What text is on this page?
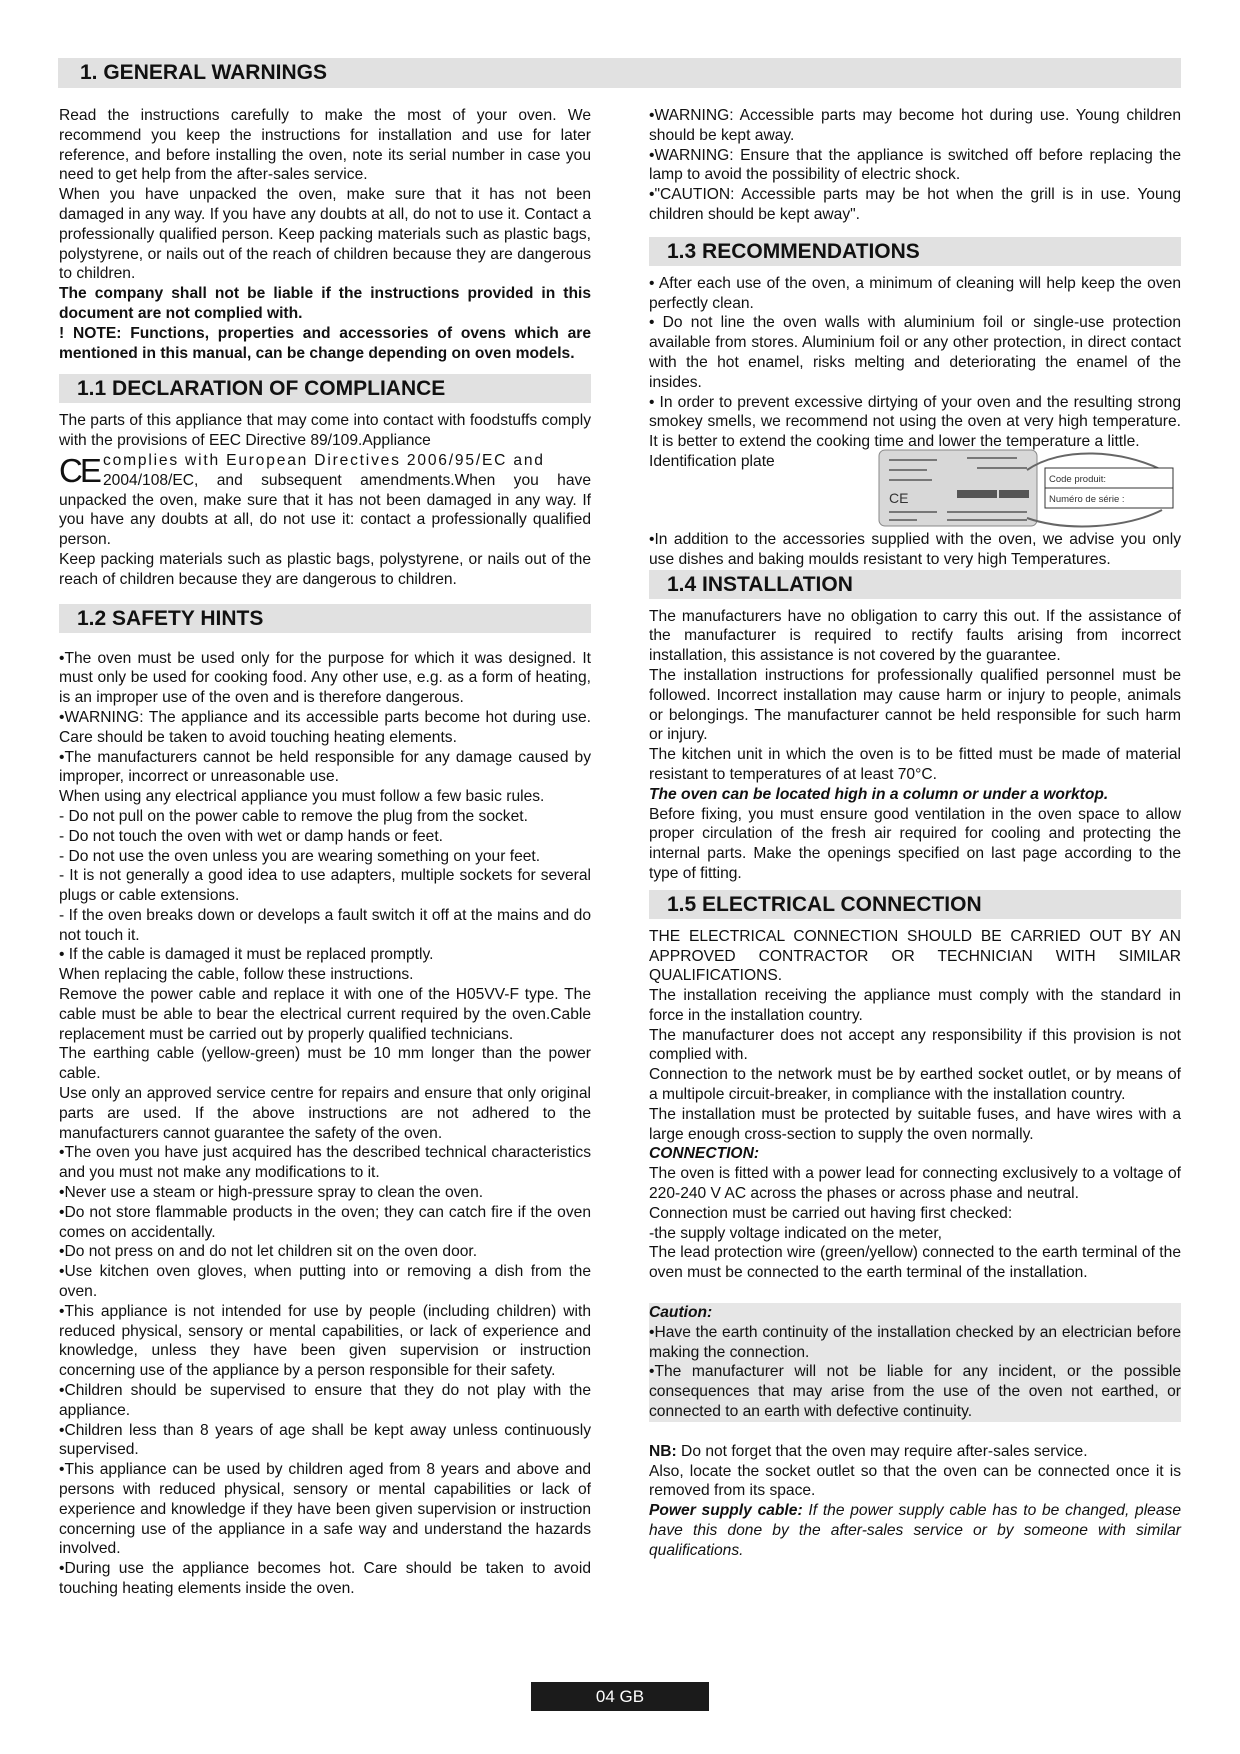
1. GENERAL WARNINGS

Read the instructions carefully to make the most of your oven. We recommend you keep the instructions for installation and use for later reference, and before installing the oven, note its serial number in case you need to get help from the after-sales service.

When you have unpacked the oven, make sure that it has not been damaged in any way. If you have any doubts at all, do not to use it. Contact a professionally qualified person. Keep packing materials such as plastic bags, polystyrene, or nails out of the reach of children because they are dangerous to children.

The company shall not be liable if the instructions provided in this document are not complied with.

! NOTE: Functions, properties and accessories of ovens which are mentioned in this manual, can be change depending on oven models.

1.1 DECLARATION OF COMPLIANCE

The parts of this appliance that may come into contact with foodstuffs comply with the provisions of EEC Directive 89/109.Appliance

CE complies with European Directives 2006/95/EC and
2004/108/EC, and subsequent amendments.When you have unpacked the oven, make sure that it has not been damaged in any way. If you have any doubts at all, do not use it: contact a professionally qualified person.

Keep packing materials such as plastic bags, polystyrene, or nails out of the reach of children because they are dangerous to children.

1.2 SAFETY HINTS

•The oven must be used only for the purpose for which it was designed. It must only be used for cooking food. Any other use, e.g. as a form of heating, is an improper use of the oven and is therefore dangerous.

•WARNING: The appliance and its accessible parts become hot during use. Care should be taken to avoid touching heating elements.

•The manufacturers cannot be held responsible for any damage caused by improper, incorrect or unreasonable use.

When using any electrical appliance you must follow a few basic rules.

- Do not pull on the power cable to remove the plug from the socket.

- Do not touch the oven with wet or damp hands or feet.

- Do not use the oven unless you are wearing something on your feet.

- It is not generally a good idea to use adapters, multiple sockets for several plugs or cable extensions.

- If the oven breaks down or develops a fault switch it off at the mains and do not touch it.

• If the cable is damaged it must be replaced promptly.

When replacing the cable, follow these instructions.

Remove the power cable and replace it with one of the H05VV-F type. The cable must be able to bear the electrical current required by the oven.Cable replacement must be carried out by properly qualified technicians.

The earthing cable (yellow-green) must be 10 mm longer than the power cable.

Use only an approved service centre for repairs and ensure that only original parts are used. If the above instructions are not adhered to the manufacturers cannot guarantee the safety of the oven.

•The oven you have just acquired has the described technical characteristics and you must not make any modifications to it.

•Never use a steam or high-pressure spray to clean the oven.

•Do not store flammable products in the oven; they can catch fire if the oven comes on accidentally.

•Do not press on and do not let children sit on the oven door.

•Use kitchen oven gloves, when putting into or removing a dish from the oven.

•This appliance is not intended for use by people (including children) with reduced physical, sensory or mental capabilities, or lack of experience and knowledge, unless they have been given supervision or instruction concerning use of the appliance by a person responsible for their safety.

•Children should be supervised to ensure that they do not play with the appliance.

•Children less than 8 years of age shall be kept away unless continuously supervised.

•This appliance can be used by children aged from 8 years and above and persons with reduced physical, sensory or mental capabilities or lack of experience and knowledge if they have been given supervision or instruction concerning use of the appliance in a safe way and understand the hazards involved.

•During use the appliance becomes hot. Care should be taken to avoid touching heating elements inside the oven.

•WARNING: Accessible parts may become hot during use. Young children should be kept away.

•WARNING: Ensure that the appliance is switched off before replacing the lamp to avoid the possibility of electric shock.

•"CAUTION: Accessible parts may be hot when the grill is in use. Young children should be kept away".

1.3 RECOMMENDATIONS

• After each use of the oven, a minimum of cleaning will help keep the oven perfectly clean.

• Do not line the oven walls with aluminium foil or single-use protection available from stores. Aluminium foil or any other protection, in direct contact with the hot enamel, risks melting and deteriorating the enamel of the insides.

• In order to prevent excessive dirtying of your oven and the resulting strong smokey smells, we recommend not using the oven at very high temperature. It is better to extend the cooking time and lower the temperature a little.

Identification plate
CE
Code produit:
Numéro de série :

•In addition to the accessories supplied with the oven, we advise you only use dishes and baking moulds resistant to very high Temperatures.

1.4 INSTALLATION

The manufacturers have no obligation to carry this out. If the assistance of the manufacturer is required to rectify faults arising from incorrect installation, this assistance is not covered by the guarantee.

The installation instructions for professionally qualified personnel must be followed. Incorrect installation may cause harm or injury to people, animals or belongings. The manufacturer cannot be held responsible for such harm or injury.

The kitchen unit in which the oven is to be fitted must be made of material resistant to temperatures of at least 70°C.

The oven can be located high in a column or under a worktop.

Before fixing, you must ensure good ventilation in the oven space to allow proper circulation of the fresh air required for cooling and protecting the internal parts. Make the openings specified on last page according to the type of fitting.

1.5 ELECTRICAL CONNECTION

THE ELECTRICAL CONNECTION SHOULD BE CARRIED OUT BY AN APPROVED CONTRACTOR OR TECHNICIAN WITH SIMILAR QUALIFICATIONS.

The installation receiving the appliance must comply with the standard in force in the installation country.

The manufacturer does not accept any responsibility if this provision is not complied with.

Connection to the network must be by earthed socket outlet, or by means of a multipole circuit-breaker, in compliance with the installation country.

The installation must be protected by suitable fuses, and have wires with a large enough cross-section to supply the oven normally.

CONNECTION:

The oven is fitted with a power lead for connecting exclusively to a voltage of 220-240 V AC across the phases or across phase and neutral.

Connection must be carried out having first checked:

-the supply voltage indicated on the meter,

The lead protection wire (green/yellow) connected to the earth terminal of the oven must be connected to the earth terminal of the installation.

Caution:

•Have the earth continuity of the installation checked by an electrician before making the connection.

•The manufacturer will not be liable for any incident, or the possible consequences that may arise from the use of the oven not earthed, or connected to an earth with defective continuity.

NB: Do not forget that the oven may require after-sales service.

Also, locate the socket outlet so that the oven can be connected once it is removed from its space.

Power supply cable: If the power supply cable has to be changed, please have this done by the after-sales service or by someone with similar qualifications.

04 GB
